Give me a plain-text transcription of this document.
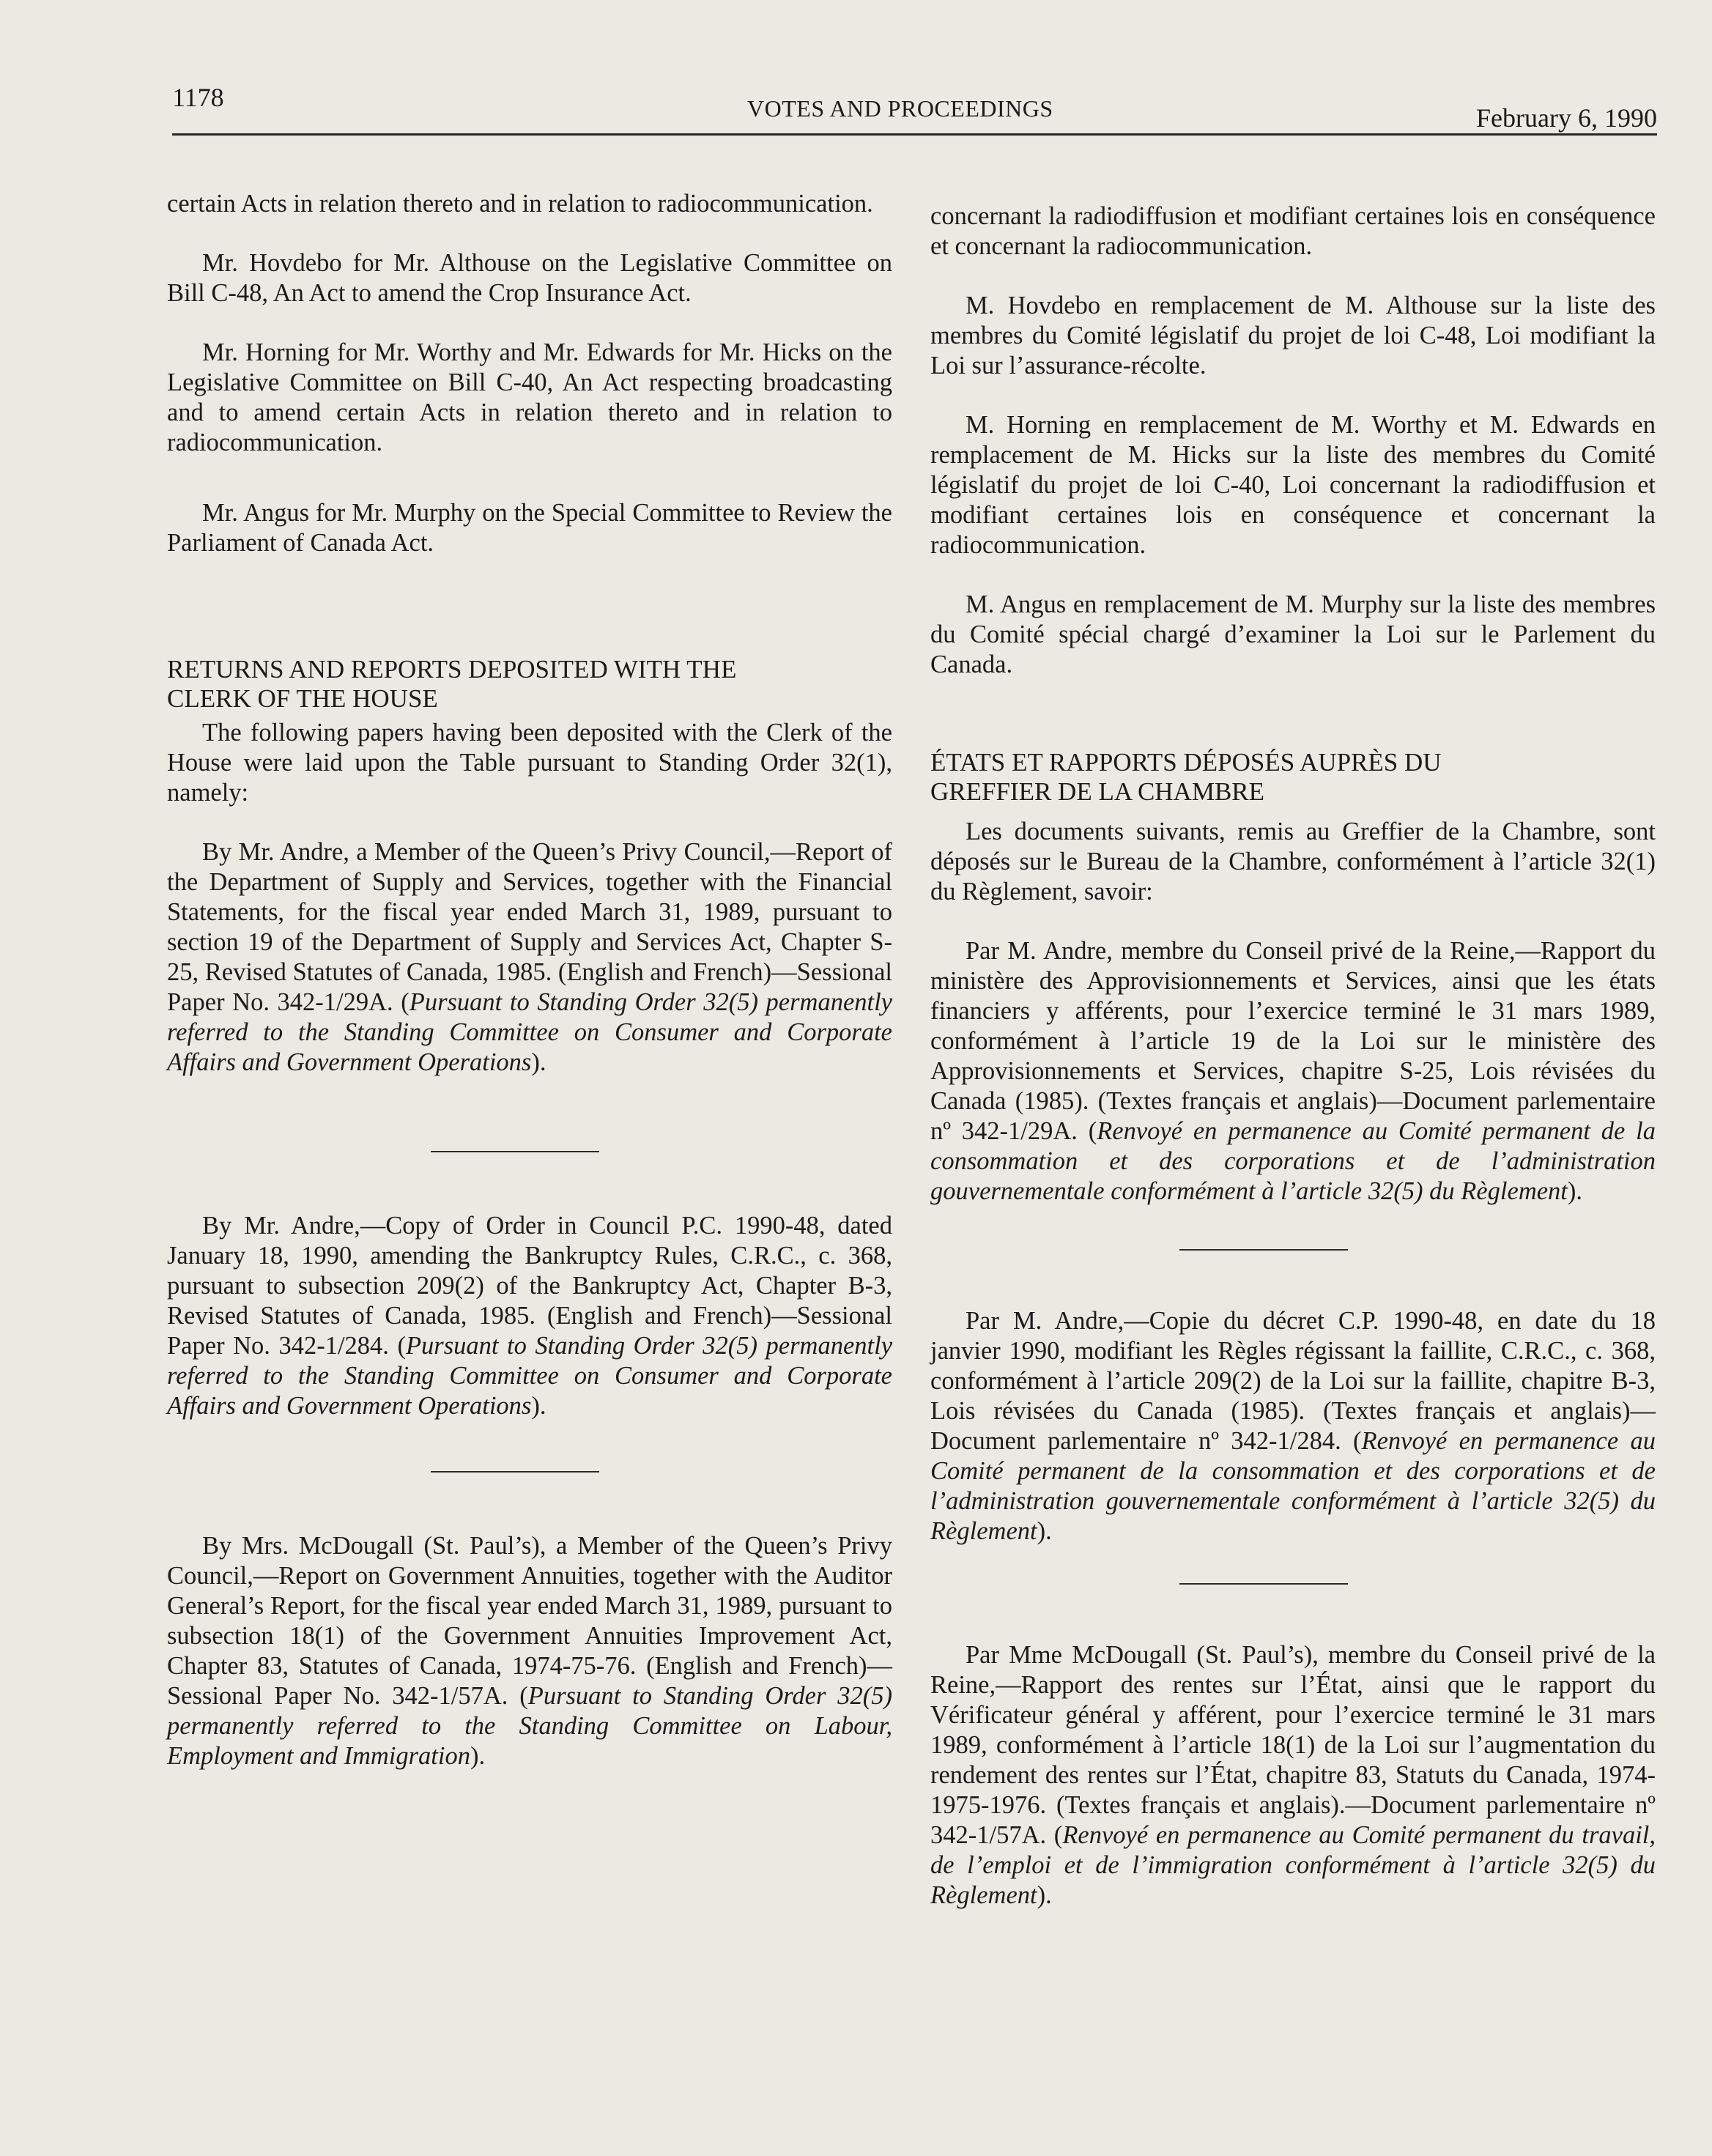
1178	VOTES AND PROCEEDINGS	February 6, 1990

certain Acts in relation thereto and in relation to radiocommunication.

Mr. Hovdebo for Mr. Althouse on the Legislative Committee on Bill C-48, An Act to amend the Crop Insurance Act.

Mr. Horning for Mr. Worthy and Mr. Edwards for Mr. Hicks on the Legislative Committee on Bill C-40, An Act respecting broadcasting and to amend certain Acts in relation thereto and in relation to radiocommunication.

Mr. Angus for Mr. Murphy on the Special Committee to Review the Parliament of Canada Act.

RETURNS AND REPORTS DEPOSITED WITH THE
CLERK OF THE HOUSE

The following papers having been deposited with the Clerk of the House were laid upon the Table pursuant to Standing Order 32(1), namely:

By Mr. Andre, a Member of the Queen’s Privy Council,—Report of the Department of Supply and Services, together with the Financial Statements, for the fiscal year ended March 31, 1989, pursuant to section 19 of the Department of Supply and Services Act, Chapter S-25, Revised Statutes of Canada, 1985. (English and French)—Sessional Paper No. 342-1/29A. (Pursuant to Standing Order 32(5) permanently referred to the Standing Committee on Consumer and Corporate Affairs and Government Operations).

By Mr. Andre,—Copy of Order in Council P.C. 1990-48, dated January 18, 1990, amending the Bankruptcy Rules, C.R.C., c. 368, pursuant to subsection 209(2) of the Bankruptcy Act, Chapter B-3, Revised Statutes of Canada, 1985. (English and French)—Sessional Paper No. 342-1/284. (Pursuant to Standing Order 32(5) permanently referred to the Standing Committee on Consumer and Corporate Affairs and Government Operations).

By Mrs. McDougall (St. Paul’s), a Member of the Queen’s Privy Council,—Report on Government Annuities, together with the Auditor General’s Report, for the fiscal year ended March 31, 1989, pursuant to subsection 18(1) of the Government Annuities Improvement Act, Chapter 83, Statutes of Canada, 1974-75-76. (English and French)—Sessional Paper No. 342-1/57A. (Pursuant to Standing Order 32(5) permanently referred to the Standing Committee on Labour, Employment and Immigration).

concernant la radiodiffusion et modifiant certaines lois en conséquence et concernant la radiocommunication.

M. Hovdebo en remplacement de M. Althouse sur la liste des membres du Comité législatif du projet de loi C-48, Loi modifiant la Loi sur l’assurance-récolte.

M. Horning en remplacement de M. Worthy et M. Edwards en remplacement de M. Hicks sur la liste des membres du Comité législatif du projet de loi C-40, Loi concernant la radiodiffusion et modifiant certaines lois en conséquence et concernant la radiocommunication.

M. Angus en remplacement de M. Murphy sur la liste des membres du Comité spécial chargé d’examiner la Loi sur le Parlement du Canada.

ÉTATS ET RAPPORTS DÉPOSÉS AUPRÈS DU
GREFFIER DE LA CHAMBRE

Les documents suivants, remis au Greffier de la Chambre, sont déposés sur le Bureau de la Chambre, conformément à l’article 32(1) du Règlement, savoir:

Par M. Andre, membre du Conseil privé de la Reine,—Rapport du ministère des Approvisionnements et Services, ainsi que les états financiers y afférents, pour l’exercice terminé le 31 mars 1989, conformément à l’article 19 de la Loi sur le ministère des Approvisionnements et Services, chapitre S-25, Lois révisées du Canada (1985). (Textes français et anglais)—Document parlementaire nº 342-1/29A. (Renvoyé en permanence au Comité permanent de la consommation et des corporations et de l’administration gouvernementale conformément à l’article 32(5) du Règlement).

Par M. Andre,—Copie du décret C.P. 1990-48, en date du 18 janvier 1990, modifiant les Règles régissant la faillite, C.R.C., c. 368, conformément à l’article 209(2) de la Loi sur la faillite, chapitre B-3, Lois révisées du Canada (1985). (Textes français et anglais)—Document parlementaire nº 342-1/284. (Renvoyé en permanence au Comité permanent de la consommation et des corporations et de l’administration gouvernementale conformément à l’article 32(5) du Règlement).

Par Mme McDougall (St. Paul’s), membre du Conseil privé de la Reine,—Rapport des rentes sur l’État, ainsi que le rapport du Vérificateur général y afférent, pour l’exercice terminé le 31 mars 1989, conformément à l’article 18(1) de la Loi sur l’augmentation du rendement des rentes sur l’État, chapitre 83, Statuts du Canada, 1974-1975-1976. (Textes français et anglais).—Document parlementaire nº 342-1/57A. (Renvoyé en permanence au Comité permanent du travail, de l’emploi et de l’immigration conformément à l’article 32(5) du Règlement).
